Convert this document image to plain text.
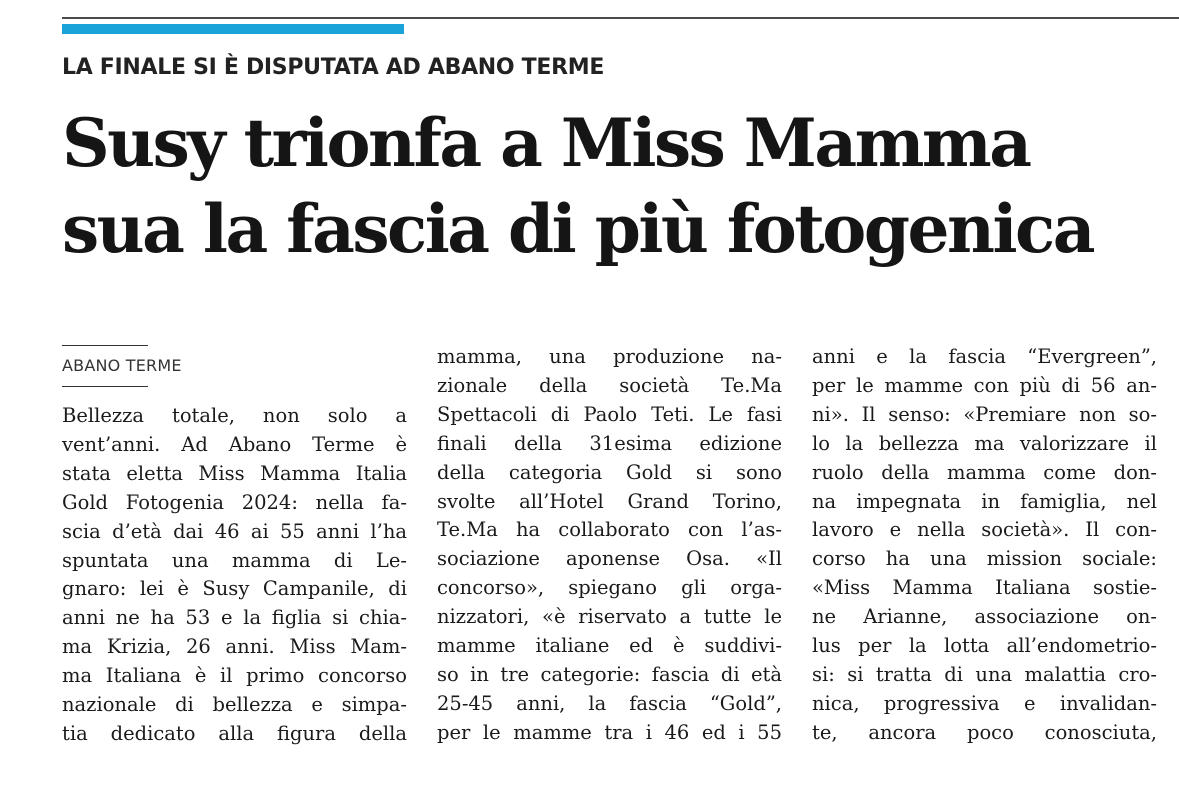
LA FINALE SI È DISPUTATA AD ABANO TERME
Susy trionfa a Miss Mamma
sua la fascia di più fotogenica
ABANO TERME
Bellezza totale, non solo a
vent’anni. Ad Abano Terme è
stata eletta Miss Mamma Italia
Gold Fotogenia 2024: nella fa-
scia d’età dai 46 ai 55 anni l’ha
spuntata una mamma di Le-
gnaro: lei è Susy Campanile, di
anni ne ha 53 e la figlia si chia-
ma Krizia, 26 anni. Miss Mam-
ma Italiana è il primo concorso
nazionale di bellezza e simpa-
tia dedicato alla figura della
mamma, una produzione na-
zionale della società Te.Ma
Spettacoli di Paolo Teti. Le fasi
finali della 31esima edizione
della categoria Gold si sono
svolte all’Hotel Grand Torino,
Te.Ma ha collaborato con l’as-
sociazione aponense Osa. «Il
concorso», spiegano gli orga-
nizzatori, «è riservato a tutte le
mamme italiane ed è suddivi-
so in tre categorie: fascia di età
25-45 anni, la fascia “Gold”,
per le mamme tra i 46 ed i 55
anni e la fascia “Evergreen”,
per le mamme con più di 56 an-
ni». Il senso: «Premiare non so-
lo la bellezza ma valorizzare il
ruolo della mamma come don-
na impegnata in famiglia, nel
lavoro e nella società». Il con-
corso ha una mission sociale:
«Miss Mamma Italiana sostie-
ne Arianne, associazione on-
lus per la lotta all’endometrio-
si: si tratta di una malattia cro-
nica, progressiva e invalidan-
te, ancora poco conosciuta,
